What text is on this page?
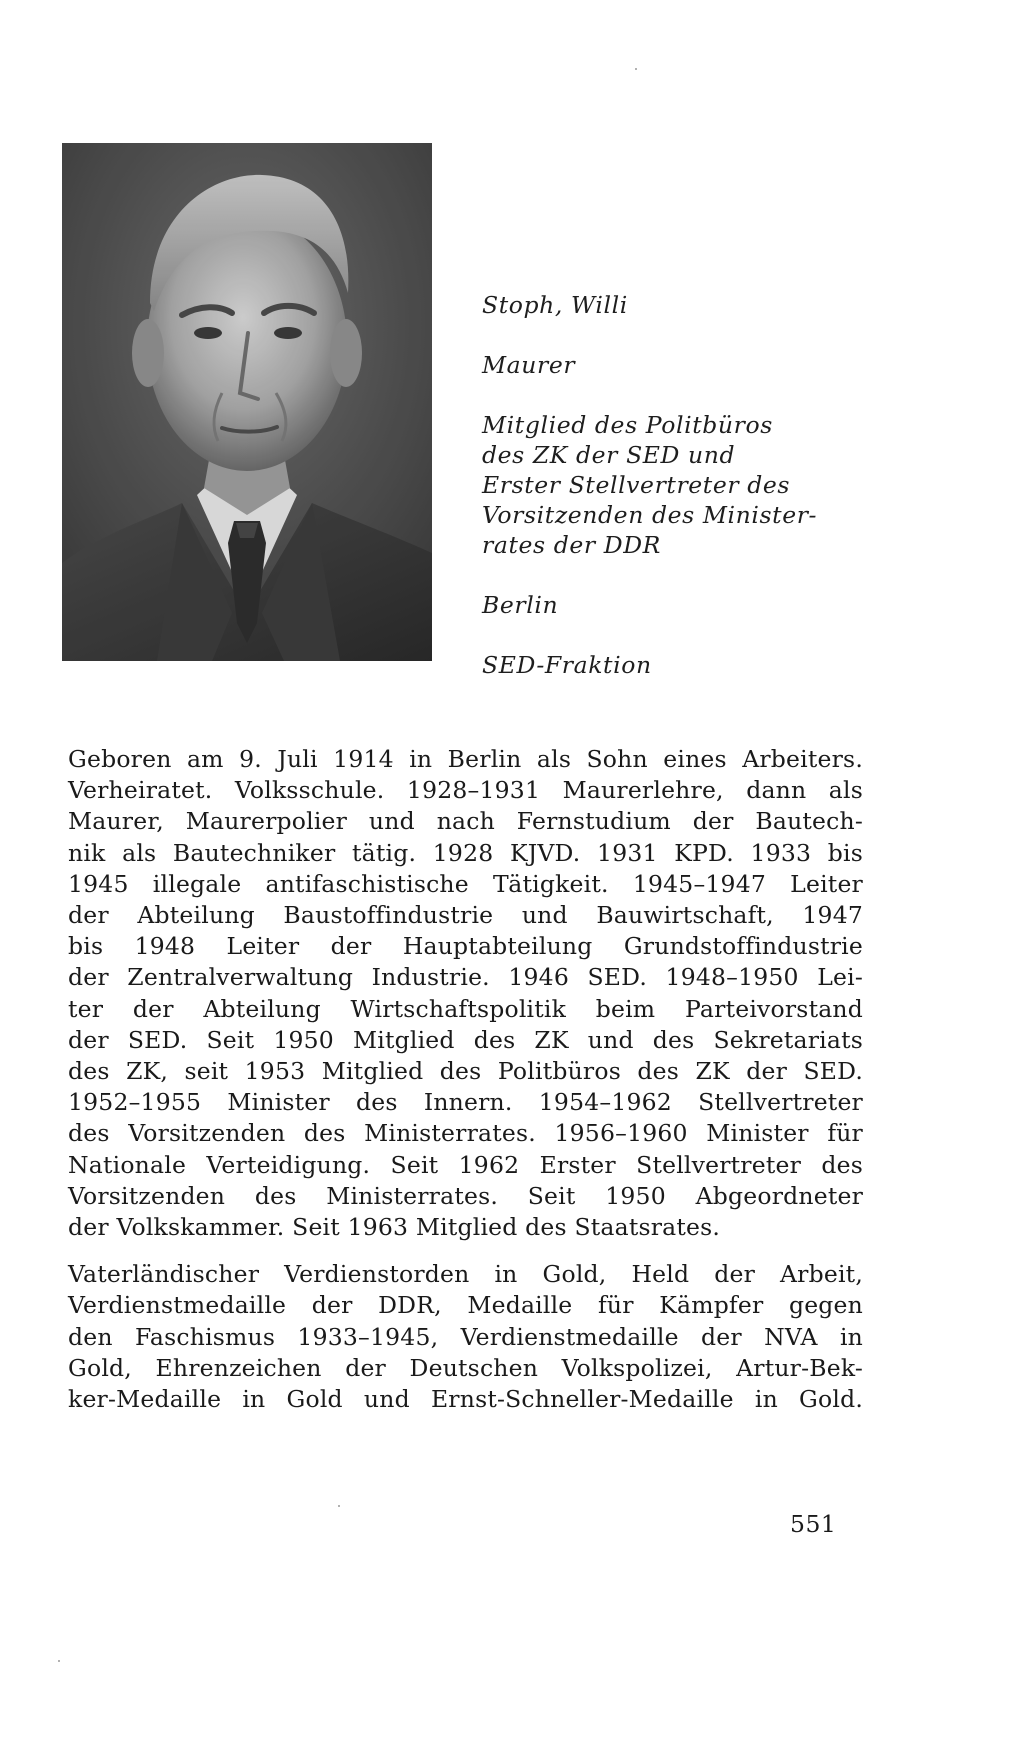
Stoph, Willi
Maurer
Mitglied des Politbüros
des ZK der SED und
Erster Stellvertreter des
Vorsitzenden des Minister-
rates der DDR
Berlin
SED-Fraktion
Geboren am 9. Juli 1914 in Berlin als Sohn eines Arbeiters.
Verheiratet. Volksschule. 1928–1931 Maurerlehre, dann als
Maurer, Maurerpolier und nach Fernstudium der Bautech-
nik als Bautechniker tätig. 1928 KJVD. 1931 KPD. 1933 bis
1945 illegale antifaschistische Tätigkeit. 1945–1947 Leiter
der Abteilung Baustoffindustrie und Bauwirtschaft, 1947
bis 1948 Leiter der Hauptabteilung Grundstoffindustrie
der Zentralverwaltung Industrie. 1946 SED. 1948–1950 Lei-
ter der Abteilung Wirtschaftspolitik beim Parteivorstand
der SED. Seit 1950 Mitglied des ZK und des Sekretariats
des ZK, seit 1953 Mitglied des Politbüros des ZK der SED.
1952–1955 Minister des Innern. 1954–1962 Stellvertreter
des Vorsitzenden des Ministerrates. 1956–1960 Minister für
Nationale Verteidigung. Seit 1962 Erster Stellvertreter des
Vorsitzenden des Ministerrates. Seit 1950 Abgeordneter
der Volkskammer. Seit 1963 Mitglied des Staatsrates.
Vaterländischer Verdienstorden in Gold, Held der Arbeit,
Verdienstmedaille der DDR, Medaille für Kämpfer gegen
den Faschismus 1933–1945, Verdienstmedaille der NVA in
Gold, Ehrenzeichen der Deutschen Volkspolizei, Artur-Bek-
ker-Medaille in Gold und Ernst-Schneller-Medaille in Gold.
551
